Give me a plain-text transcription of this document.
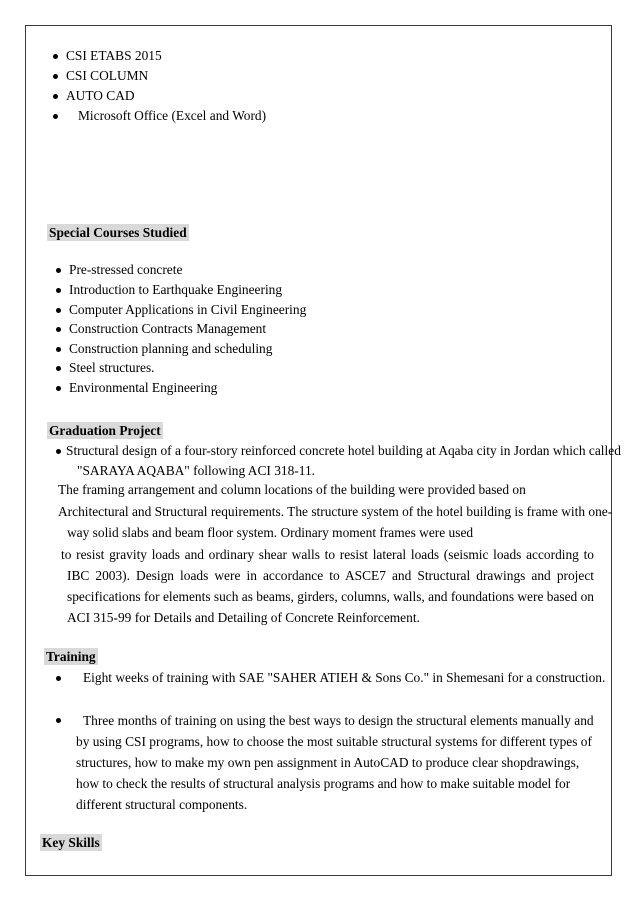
CSI ETABS 2015
CSI COLUMN
AUTO CAD
Microsoft Office (Excel and Word)
Special Courses Studied
Pre-stressed concrete
Introduction to Earthquake Engineering
Computer Applications in Civil Engineering
Construction Contracts Management
Construction planning and scheduling
Steel structures.
Environmental Engineering
Graduation Project
Structural design of a four-story reinforced concrete hotel building at Aqaba city in Jordan which called
"SARAYA AQABA" following ACI 318-11.
The framing arrangement and column locations of the building were provided based on
Architectural and Structural requirements. The structure system of the hotel building is frame with one-
way solid slabs and beam floor system. Ordinary moment frames were used
to resist gravity loads and ordinary shear walls to resist lateral loads (seismic loads according to IBC 2003). Design loads were in accordance to ASCE7 and Structural drawings and project specifications for elements such as beams, girders, columns, walls, and foundations were based on ACI 315-99 for Details and Detailing of Concrete Reinforcement.
Training
Eight weeks of training with SAE "SAHER ATIEH & Sons Co." in Shemesani for a construction.
Three months of training on using the best ways to design the structural elements manually and by using CSI programs, how to choose the most suitable structural systems for different types of structures, how to make my own pen assignment in AutoCAD to produce clear shopdrawings, how to check the results of structural analysis programs and how to make suitable model for different structural components.
Key Skills
